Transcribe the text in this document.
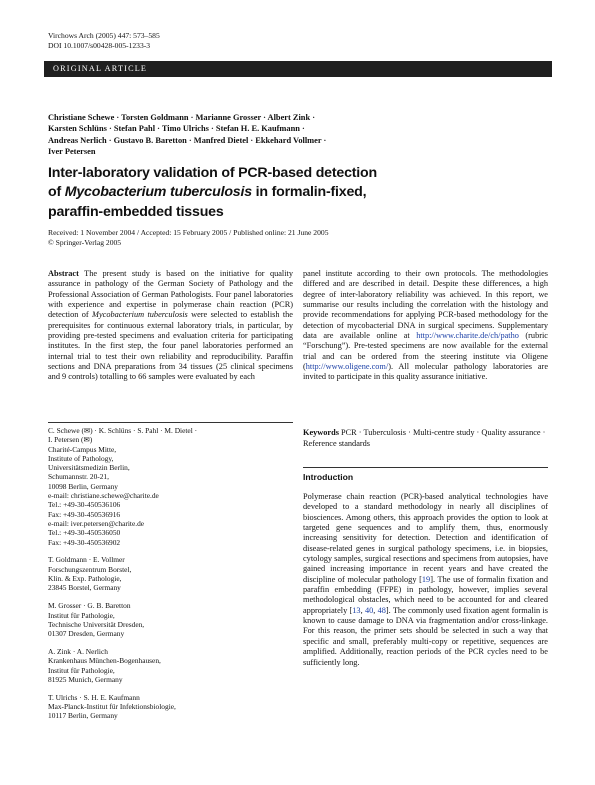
Virchows Arch (2005) 447: 573–585
DOI 10.1007/s00428-005-1233-3
ORIGINAL ARTICLE
Christiane Schewe · Torsten Goldmann · Marianne Grosser · Albert Zink ·
Karsten Schlüns · Stefan Pahl · Timo Ulrichs · Stefan H. E. Kaufmann ·
Andreas Nerlich · Gustavo B. Baretton · Manfred Dietel · Ekkehard Vollmer ·
Iver Petersen
Inter-laboratory validation of PCR-based detection
of Mycobacterium tuberculosis in formalin-fixed,
paraffin-embedded tissues
Received: 1 November 2004 / Accepted: 15 February 2005 / Published online: 21 June 2005
© Springer-Verlag 2005
Abstract The present study is based on the initiative for quality assurance in pathology of the German Society of Pathology and the Professional Association of German Pathologists. Four panel laboratories with experience and expertise in polymerase chain reaction (PCR) detection of Mycobacterium tuberculosis were selected to establish the prerequisites for continuous external laboratory trials, in particular, by providing pre-tested specimens and evaluation criteria for participating institutes. In the first step, the four panel laboratories performed an internal trial to test their own reliability and reproducibility. Paraffin sections and DNA preparations from 34 tissues (25 clinical specimens and 9 controls) totalling to 66 samples were evaluated by each
panel institute according to their own protocols. The methodologies differed and are described in detail. Despite these differences, a high degree of inter-laboratory reliability was achieved. In this report, we summarise our results including the correlation with the histology and provide recommendations for applying PCR-based methodology for the detection of mycobacterial DNA in surgical specimens. Supplementary data are available online at http://www.charite.de/ch/patho (rubric “Forschung”). Pre-tested specimens are now available for the external trial and can be ordered from the steering institute via Oligene (http://www.oligene.com/). All molecular pathology laboratories are invited to participate in this quality assurance initiative.
C. Schewe (✉) · K. Schlüns · S. Pahl · M. Dietel ·
I. Petersen (✉)
Charité-Campus Mitte,
Institute of Pathology,
Universitätsmedizin Berlin,
Schumannstr. 20-21,
10098 Berlin, Germany
e-mail: christiane.schewe@charite.de
Tel.: +49-30-450536106
Fax: +49-30-450536916
e-mail: iver.petersen@charite.de
Tel.: +49-30-450536050
Fax: +49-30-450536902
T. Goldmann · E. Vollmer
Forschungszentrum Borstel,
Klin. & Exp. Pathologie,
23845 Borstel, Germany
M. Grosser · G. B. Baretton
Institut für Pathologie,
Technische Universität Dresden,
01307 Dresden, Germany
A. Zink · A. Nerlich
Krankenhaus München-Bogenhausen,
Institut für Pathologie,
81925 Munich, Germany
T. Ulrichs · S. H. E. Kaufmann
Max-Planck-Institut für Infektionsbiologie,
10117 Berlin, Germany
Keywords PCR · Tuberculosis · Multi-centre study · Quality assurance · Reference standards
Introduction
Polymerase chain reaction (PCR)-based analytical technologies have developed to a standard methodology in nearly all disciplines of biosciences. Among others, this approach provides the option to look at targeted gene sequences and to amplify them, thus, enormously increasing sensitivity for detection. Detection and identification of disease-related genes in surgical pathology specimens, i.e. in biopsies, cytology samples, surgical resections and specimens from autopsies, have gained increasing importance in recent years and have created the discipline of molecular pathology [19]. The use of formalin fixation and paraffin embedding (FFPE) in pathology, however, implies several methodological obstacles, which need to be accounted for and cleared appropriately [13, 40, 48]. The commonly used fixation agent formalin is known to cause damage to DNA via fragmentation and/or cross-linkage. For this reason, the primer sets should be selected in such a way that specific and small, preferably multi-copy or repetitive, sequences are amplified. Additionally, reaction periods of the PCR cycles need to be sufficiently long.
